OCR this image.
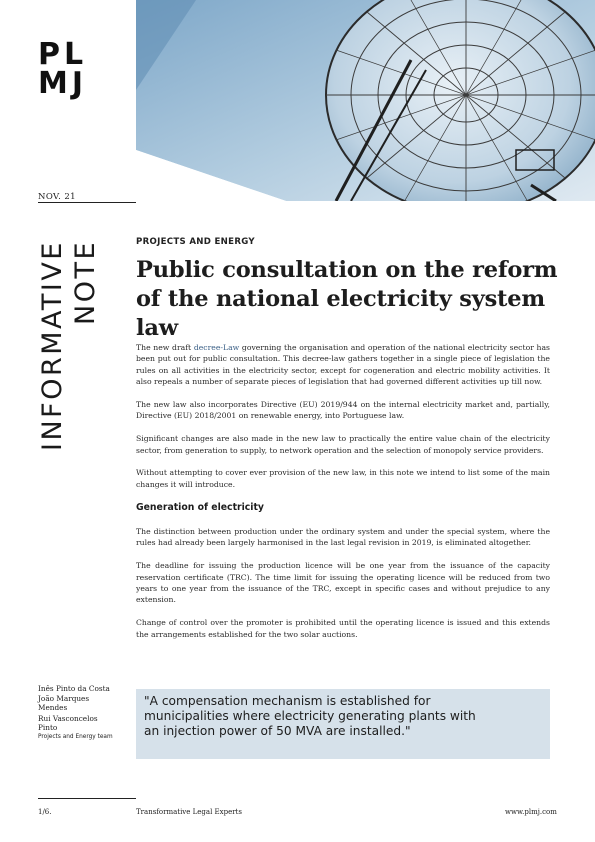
PL
MJ
NOV. 21
INFORMATIVE
NOTE	PROJECTS AND ENERGY
Public consultation on the reform of the national electricity system law

The new draft decree-Law governing the organisation and operation of the national electricity sector has been put out for public consultation. This decree-law gathers together in a single piece of legislation the rules on all activities in the electricity sector, except for cogeneration and electric mobility activities. It also repeals a number of separate pieces of legislation that had governed different activities up till now.

The new law also incorporates Directive (EU) 2019/944 on the internal electricity market and, partially, Directive (EU) 2018/2001 on renewable energy, into Portuguese law.

Significant changes are also made in the new law to practically the entire value chain of the electricity sector, from generation to supply, to network operation and the selection of monopoly service providers.

Without attempting to cover ever provision of the new law, in this note we intend to list some of the main changes it will introduce.

Generation of electricity

The distinction between production under the ordinary system and under the special system, where the rules had already been largely harmonised in the last legal revision in 2019, is eliminated altogether.

The deadline for issuing the production licence will be one year from the issuance of the capacity reservation certificate (TRC). The time limit for issuing the operating licence will be reduced from two years to one year from the issuance of the TRC, except in specific cases and without prejudice to any extension.

Change of control over the promoter is prohibited until the operating licence is issued and this extends the arrangements established for the two solar auctions.

Inês Pinto da Costa
João Marques Mendes
Rui Vasconcelos Pinto
Projects and Energy team
"A compensation mechanism is established for municipalities where electricity generating plants with an injection power of 50 MVA are installed."
1/6.	Transformative Legal Experts	www.plmj.com
